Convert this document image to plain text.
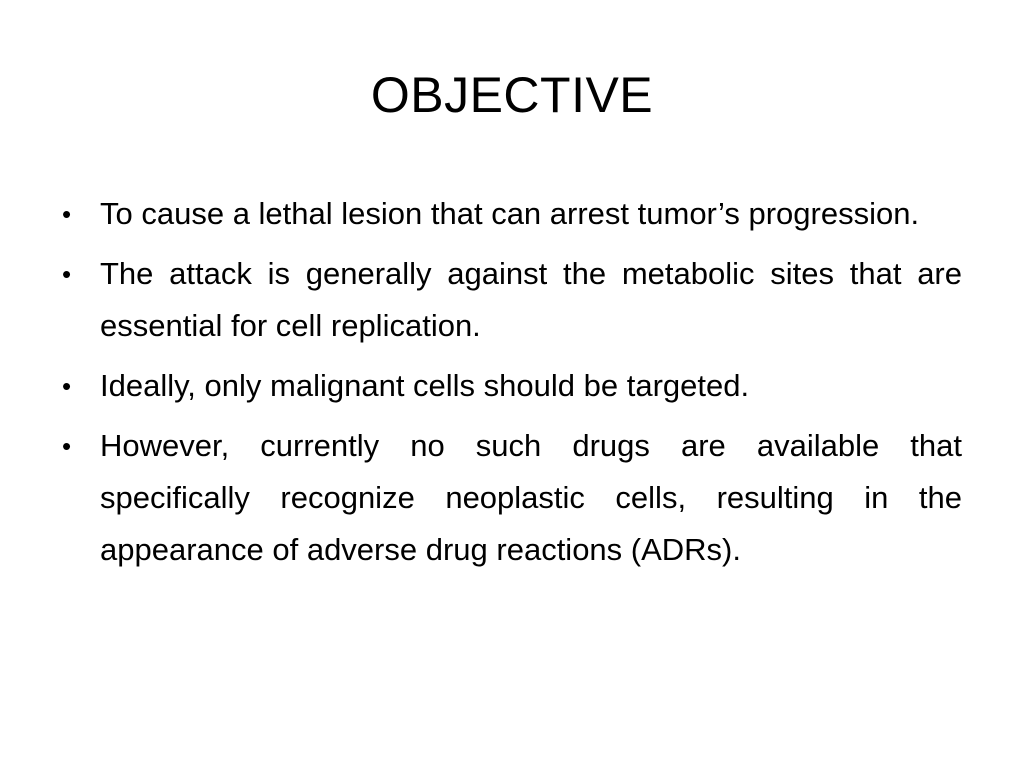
OBJECTIVE
• To cause a lethal lesion that can arrest tumor’s progression.
• The attack is generally against the metabolic sites that are essential for cell replication.
• Ideally, only malignant cells should be targeted.
• However, currently no such drugs are available that specifically recognize neoplastic cells, resulting in the appearance of adverse drug reactions (ADRs).
